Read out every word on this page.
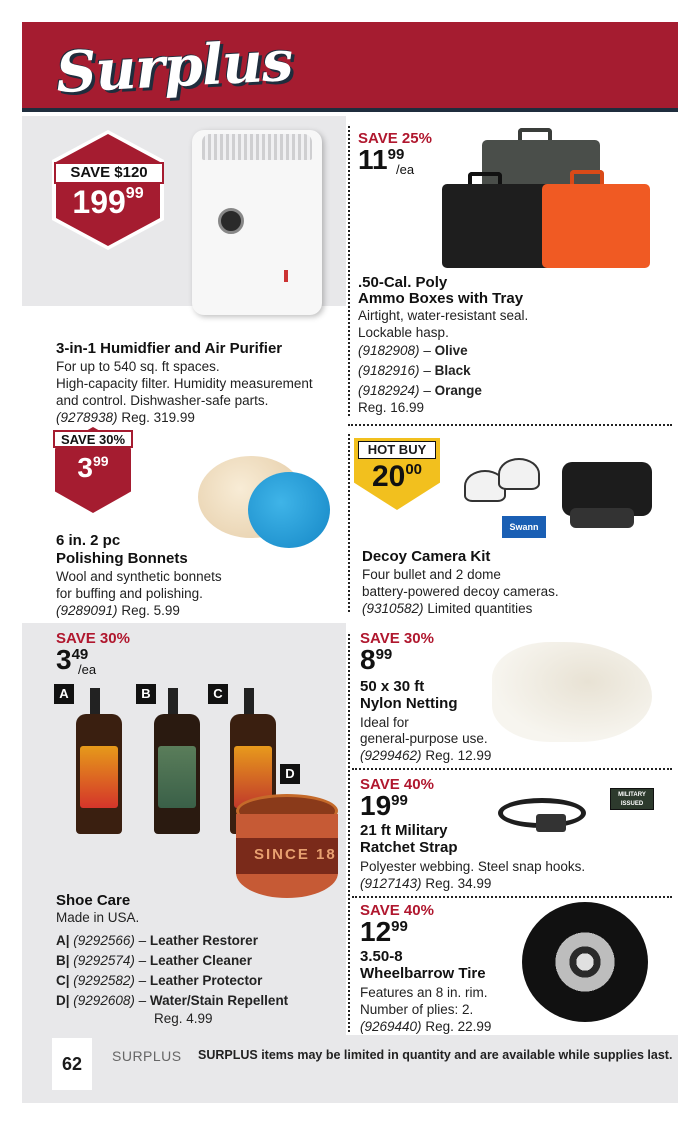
Surplus
SAVE $120
$199^{99}$
3-in-1 Humidfier and Air Purifier
For up to 540 sq. ft spaces.
High-capacity filter. Humidity measurement
and control. Dishwasher-safe parts.
(9278938) Reg. 319.99
SAVE 25%
$11^{99}$
/ea
.50-Cal. Poly
Ammo Boxes with Tray
Airtight, water-resistant seal.
Lockable hasp.
(9182908) – Olive
(9182916) – Black
(9182924) – Orange
Reg. 16.99
SAVE 30%
$3^{99}$
6 in. 2 pc
Polishing Bonnets
Wool and synthetic bonnets
for buffing and polishing.
(9289091) Reg. 5.99
HOT BUY
$20^{00}$
Swann
Decoy Camera Kit
Four bullet and 2 dome
battery-powered decoy cameras.
(9310582) Limited quantities
SAVE 30%
$3^{49}$
/ea
A	B	C
D
SINCE 18
Shoe Care
Made in USA.
A| (9292566) – Leather Restorer
B| (9292574) – Leather Cleaner
C| (9292582) – Leather Protector
D| (9292608) – Water/Stain Repellent
Reg. 4.99
SAVE 30%
$8^{99}$
50 x 30 ft
Nylon Netting
Ideal for
general-purpose use.
(9299462) Reg. 12.99
SAVE 40%
$19^{99}$	MILITARY
ISSUED
21 ft Military
Ratchet Strap
Polyester webbing. Steel snap hooks.
(9127143) Reg. 34.99
SAVE 40%
$12^{99}$
3.50-8
Wheelbarrow Tire
Features an 8 in. rim.
Number of plies: 2.
(9269440) Reg. 22.99
62	SURPLUS SURPLUS items may be limited in quantity and are available while supplies last.
